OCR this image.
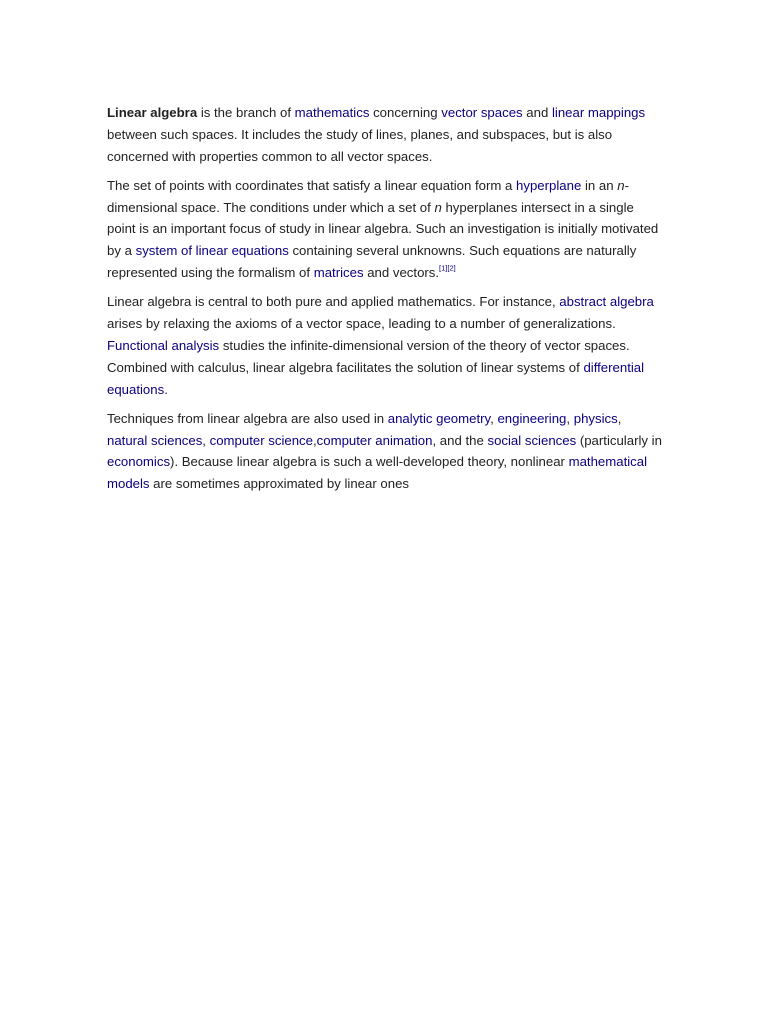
Linear algebra is the branch of mathematics concerning vector spaces and linear mappings between such spaces. It includes the study of lines, planes, and subspaces, but is also concerned with properties common to all vector spaces.

The set of points with coordinates that satisfy a linear equation form a hyperplane in an n-dimensional space. The conditions under which a set of n hyperplanes intersect in a single point is an important focus of study in linear algebra. Such an investigation is initially motivated by a system of linear equations containing several unknowns. Such equations are naturally represented using the formalism of matrices and vectors.[1][2]

Linear algebra is central to both pure and applied mathematics. For instance, abstract algebra arises by relaxing the axioms of a vector space, leading to a number of generalizations. Functional analysis studies the infinite-dimensional version of the theory of vector spaces. Combined with calculus, linear algebra facilitates the solution of linear systems of differential equations.

Techniques from linear algebra are also used in analytic geometry, engineering, physics, natural sciences, computer science,computer animation, and the social sciences (particularly in economics). Because linear algebra is such a well-developed theory, nonlinear mathematical models are sometimes approximated by linear ones
